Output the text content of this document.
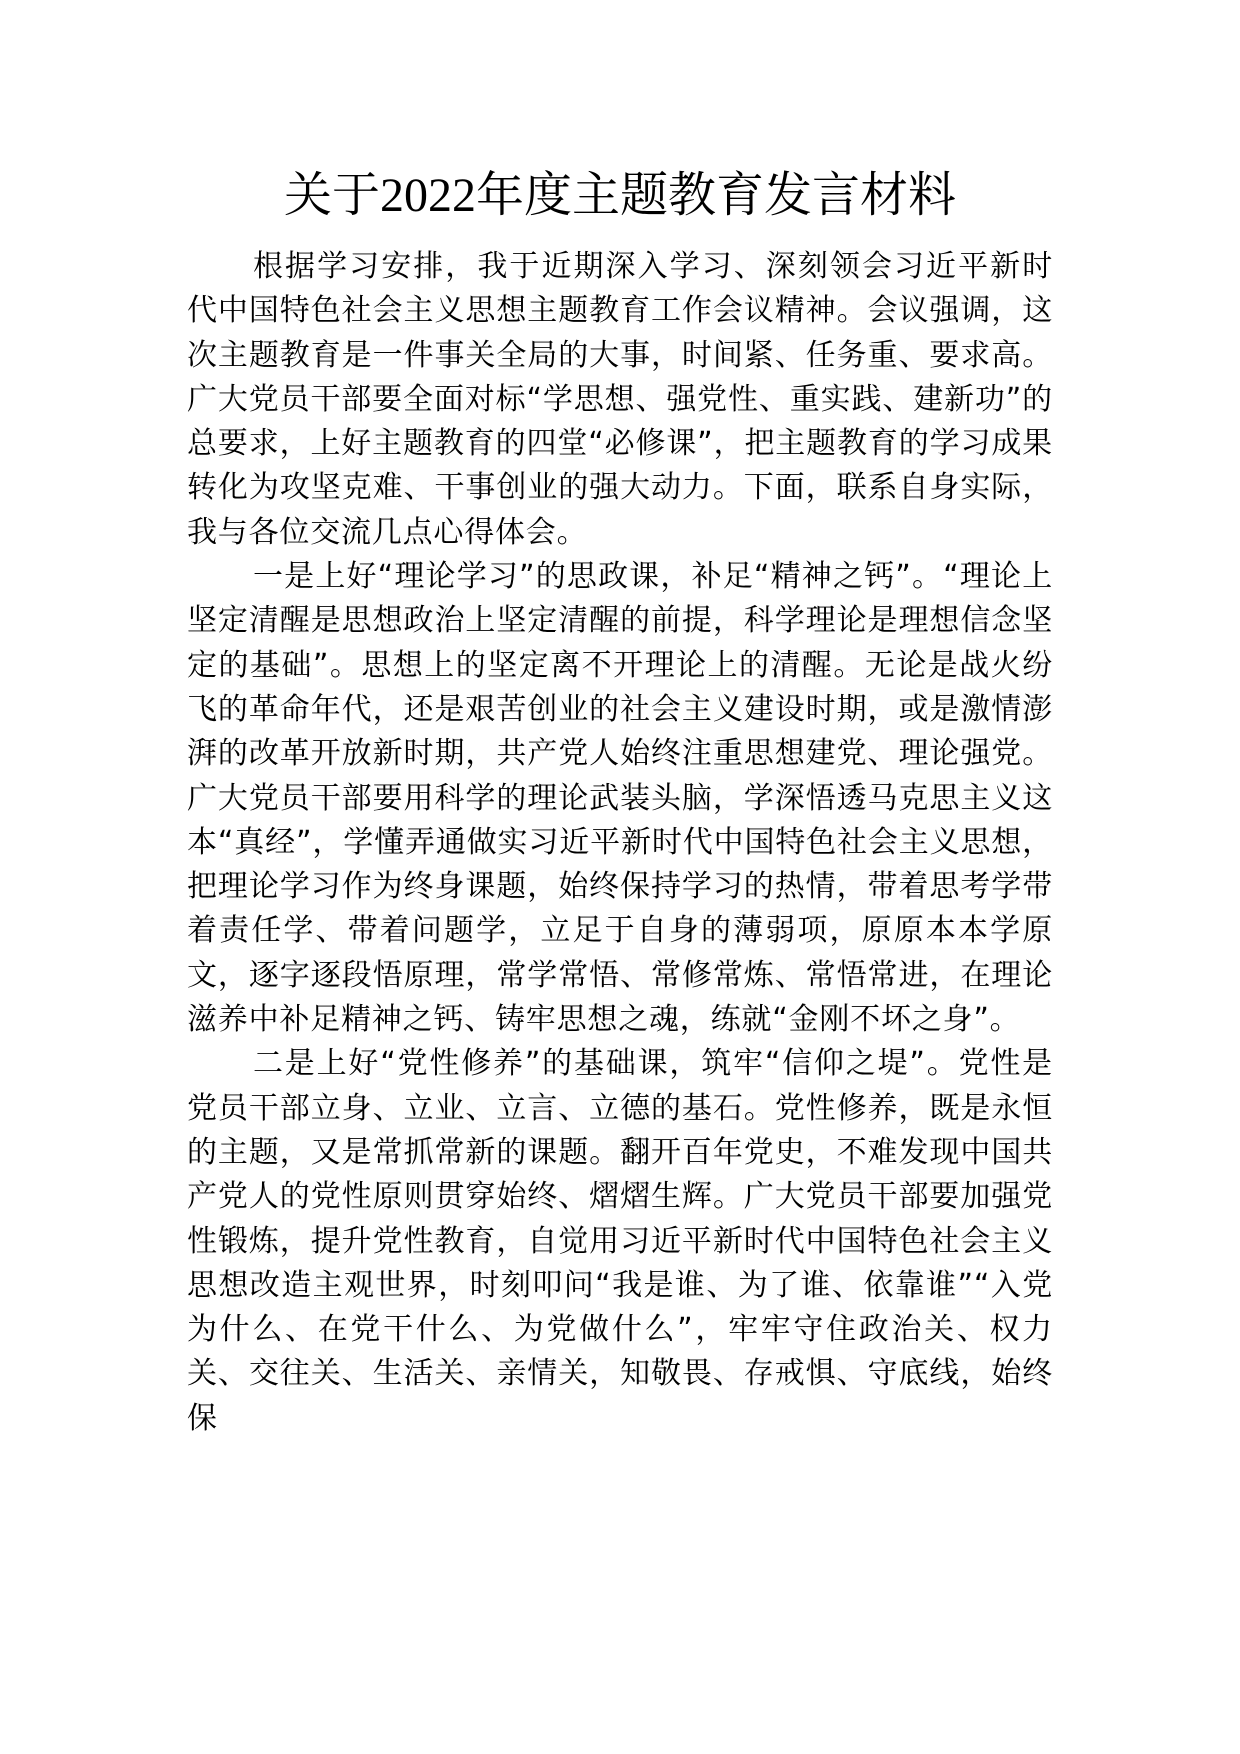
关于2022年度主题教育发言材料

根据学习安排，我于近期深入学习、深刻领会习近平新时代中国特色社会主义思想主题教育工作会议精神。会议强调，这次主题教育是一件事关全局的大事，时间紧、任务重、要求高。广大党员干部要全面对标“学思想、强党性、重实践、建新功”的总要求，上好主题教育的四堂“必修课”，把主题教育的学习成果转化为攻坚克难、干事创业的强大动力。下面，联系自身实际，我与各位交流几点心得体会。

一是上好“理论学习”的思政课，补足“精神之钙”。“理论上坚定清醒是思想政治上坚定清醒的前提，科学理论是理想信念坚定的基础”。思想上的坚定离不开理论上的清醒。无论是战火纷飞的革命年代，还是艰苦创业的社会主义建设时期，或是激情澎湃的改革开放新时期，共产党人始终注重思想建党、理论强党。广大党员干部要用科学的理论武装头脑，学深悟透马克思主义这本“真经”，学懂弄通做实习近平新时代中国特色社会主义思想，把理论学习作为终身课题，始终保持学习的热情，带着思考学带着责任学、带着问题学，立足于自身的薄弱项，原原本本学原文，逐字逐段悟原理，常学常悟、常修常炼、常悟常进，在理论滋养中补足精神之钙、铸牢思想之魂，练就“金刚不坏之身”。

二是上好“党性修养”的基础课，筑牢“信仰之堤”。党性是党员干部立身、立业、立言、立德的基石。党性修养，既是永恒的主题，又是常抓常新的课题。翻开百年党史，不难发现中国共产党人的党性原则贯穿始终、熠熠生辉。广大党员干部要加强党性锻炼，提升党性教育，自觉用习近平新时代中国特色社会主义思想改造主观世界，时刻叩问“我是谁、为了谁、依靠谁”“入党为什么、在党干什么、为党做什么”，牢牢守住政治关、权力关、交往关、生活关、亲情关，知敬畏、存戒惧、守底线，始终保
